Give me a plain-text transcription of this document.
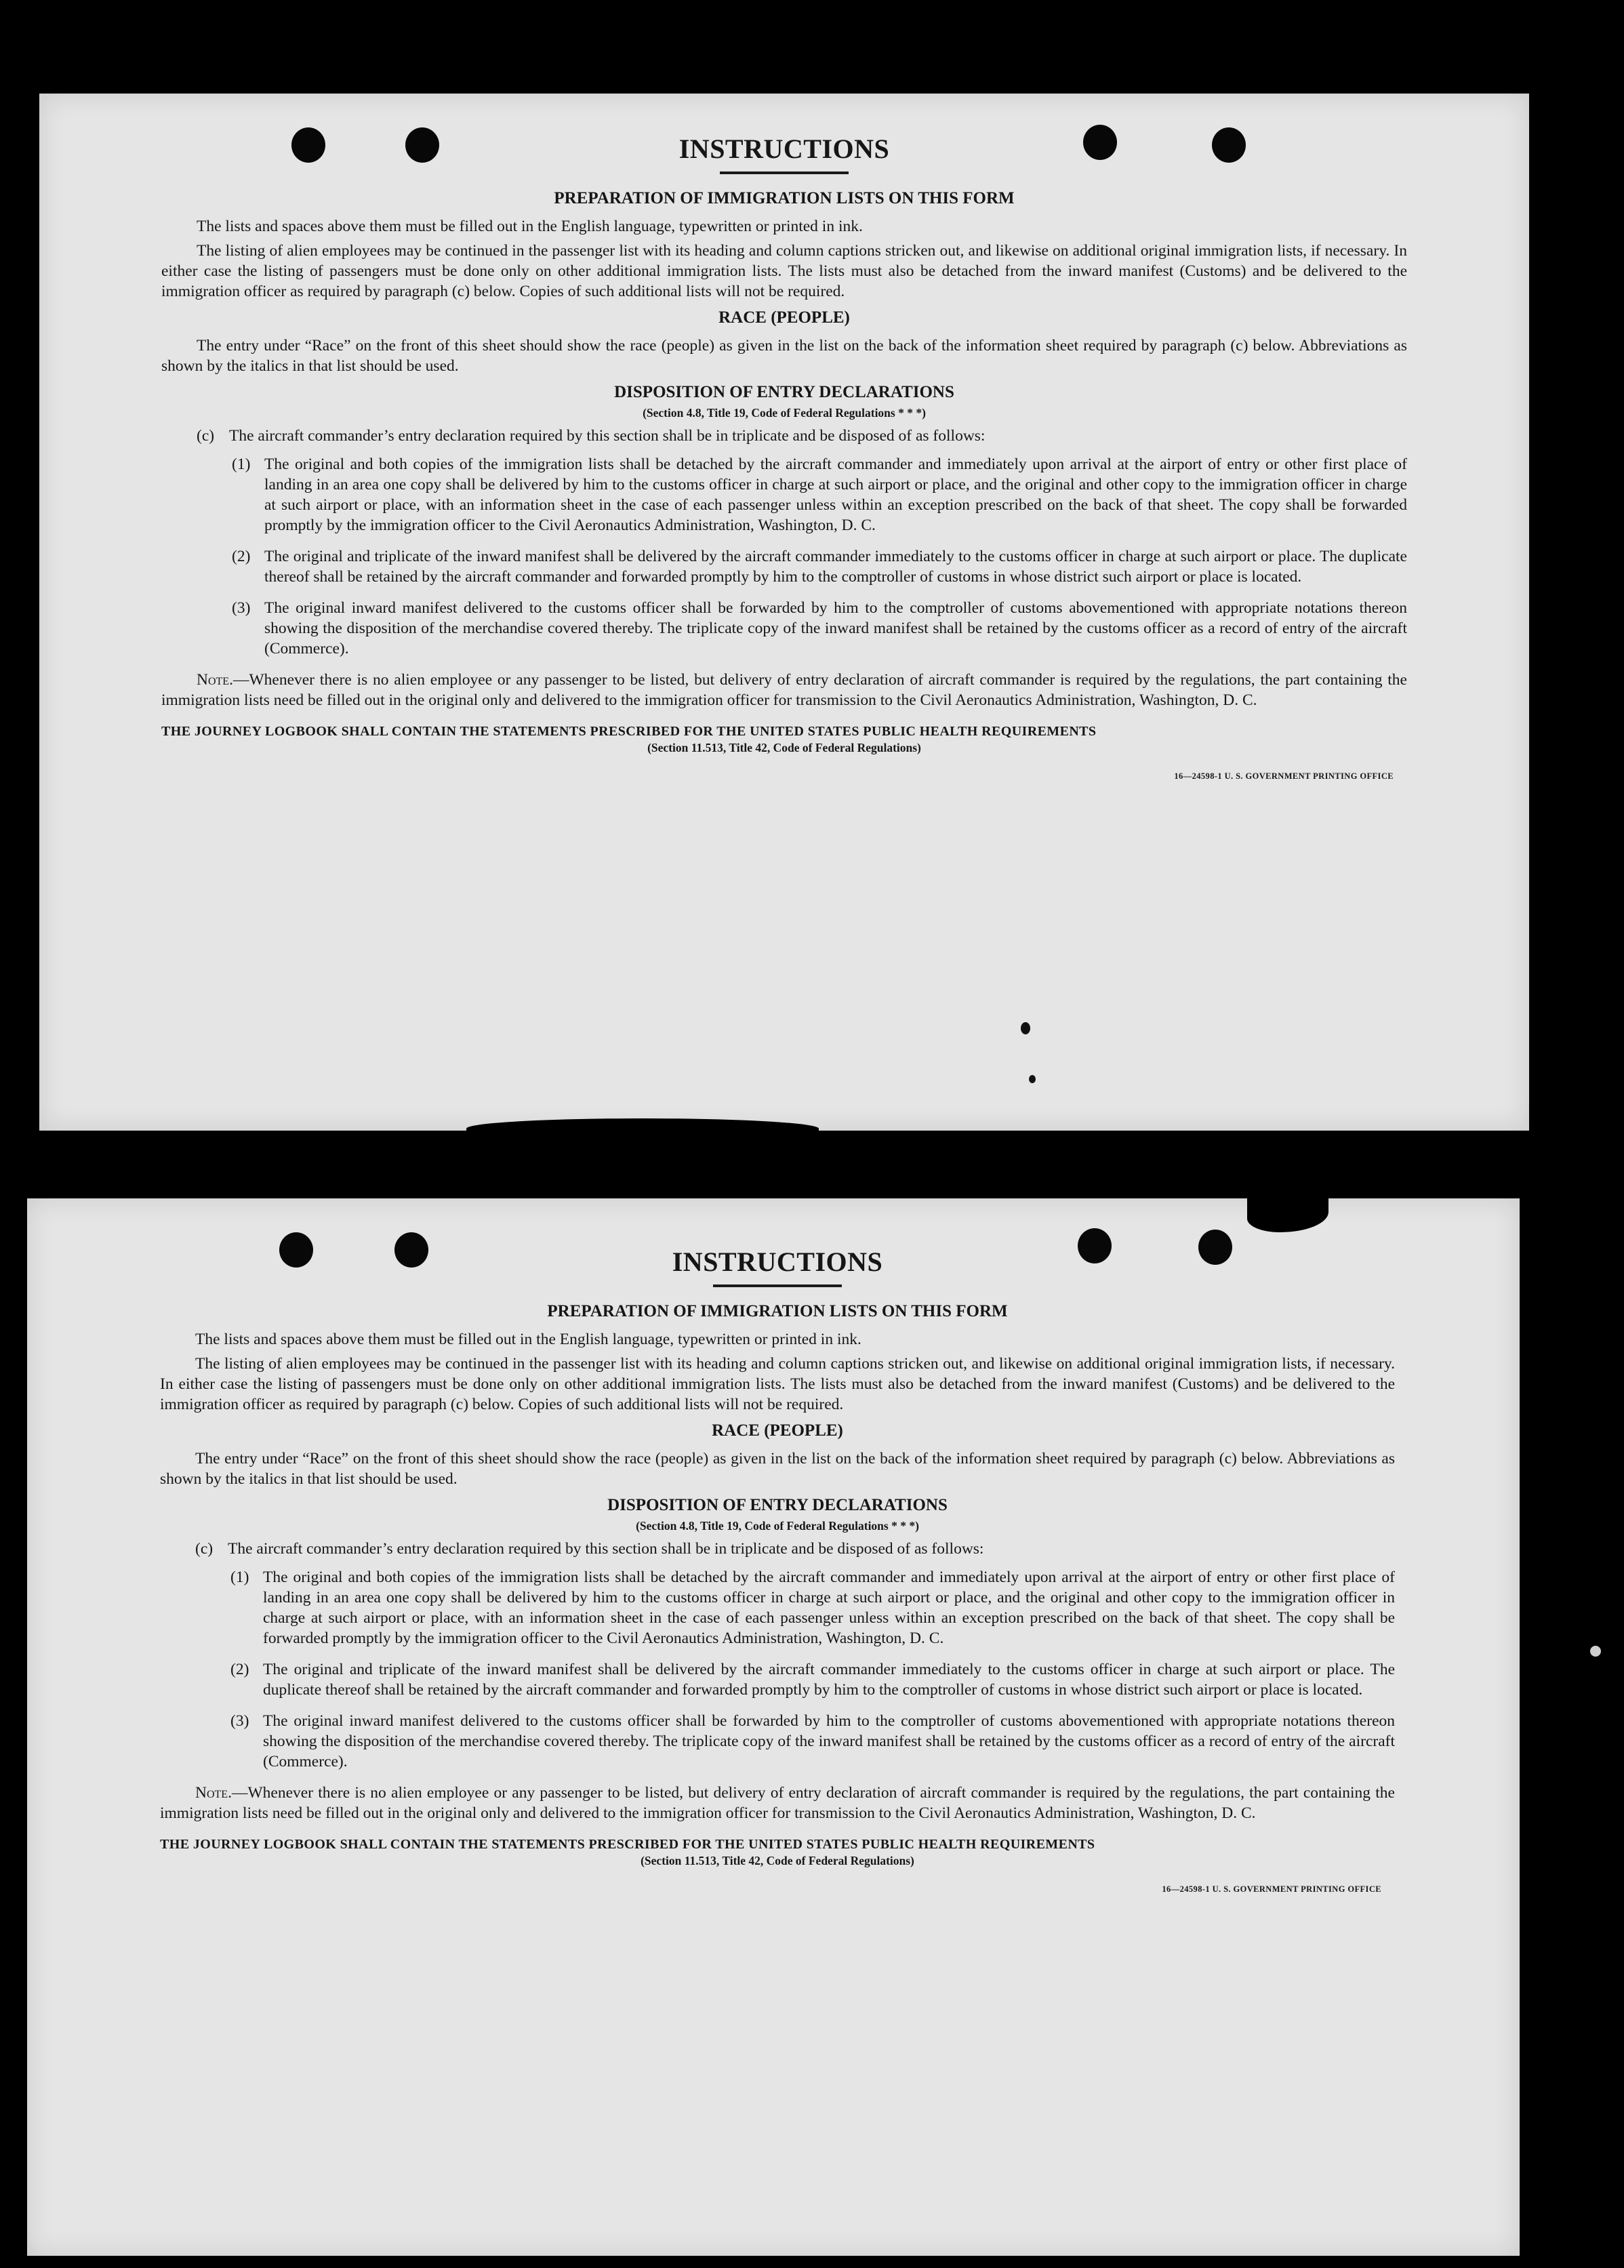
INSTRUCTIONS
PREPARATION OF IMMIGRATION LISTS ON THIS FORM

The lists and spaces above them must be filled out in the English language, typewritten or printed in ink.

The listing of alien employees may be continued in the passenger list with its heading and column captions stricken out, and likewise on additional original immigration lists, if necessary. In either case the listing of passengers must be done only on other additional immigration lists. The lists must also be detached from the inward manifest (Customs) and be delivered to the immigration officer as required by paragraph (c) below. Copies of such additional lists will not be required.

RACE (PEOPLE)

The entry under “Race” on the front of this sheet should show the race (people) as given in the list on the back of the information sheet required by paragraph (c) below. Abbreviations as shown by the italics in that list should be used.

DISPOSITION OF ENTRY DECLARATIONS
(Section 4.8, Title 19, Code of Federal Regulations * * *)
(c) The aircraft commander’s entry declaration required by this section shall be in triplicate and be disposed of as follows:
(1) The original and both copies of the immigration lists shall be detached by the aircraft commander and immediately upon arrival at the airport of entry or other first place of landing in an area one copy shall be delivered by him to the customs officer in charge at such airport or place, and the original and other copy to the immigration officer in charge at such airport or place, with an information sheet in the case of each passenger unless within an exception prescribed on the back of that sheet. The copy shall be forwarded promptly by the immigration officer to the Civil Aeronautics Administration, Washington, D. C.
(2) The original and triplicate of the inward manifest shall be delivered by the aircraft commander immediately to the customs officer in charge at such airport or place. The duplicate thereof shall be retained by the aircraft commander and forwarded promptly by him to the comptroller of customs in whose district such airport or place is located.
(3) The original inward manifest delivered to the customs officer shall be forwarded by him to the comptroller of customs abovementioned with appropriate notations thereon showing the disposition of the merchandise covered thereby. The triplicate copy of the inward manifest shall be retained by the customs officer as a record of entry of the aircraft (Commerce).

Note.—Whenever there is no alien employee or any passenger to be listed, but delivery of entry declaration of aircraft commander is required by the regulations, the part containing the immigration lists need be filled out in the original only and delivered to the immigration officer for transmission to the Civil Aeronautics Administration, Washington, D. C.

THE JOURNEY LOGBOOK SHALL CONTAIN THE STATEMENTS PRESCRIBED FOR THE UNITED STATES PUBLIC HEALTH REQUIREMENTS
(Section 11.513, Title 42, Code of Federal Regulations)
16—24598-1 U. S. GOVERNMENT PRINTING OFFICE
INSTRUCTIONS
PREPARATION OF IMMIGRATION LISTS ON THIS FORM

The lists and spaces above them must be filled out in the English language, typewritten or printed in ink.

The listing of alien employees may be continued in the passenger list with its heading and column captions stricken out, and likewise on additional original immigration lists, if necessary. In either case the listing of passengers must be done only on other additional immigration lists. The lists must also be detached from the inward manifest (Customs) and be delivered to the immigration officer as required by paragraph (c) below. Copies of such additional lists will not be required.

RACE (PEOPLE)

The entry under “Race” on the front of this sheet should show the race (people) as given in the list on the back of the information sheet required by paragraph (c) below. Abbreviations as shown by the italics in that list should be used.

DISPOSITION OF ENTRY DECLARATIONS
(Section 4.8, Title 19, Code of Federal Regulations * * *)
(c) The aircraft commander’s entry declaration required by this section shall be in triplicate and be disposed of as follows:
(1) The original and both copies of the immigration lists shall be detached by the aircraft commander and immediately upon arrival at the airport of entry or other first place of landing in an area one copy shall be delivered by him to the customs officer in charge at such airport or place, and the original and other copy to the immigration officer in charge at such airport or place, with an information sheet in the case of each passenger unless within an exception prescribed on the back of that sheet. The copy shall be forwarded promptly by the immigration officer to the Civil Aeronautics Administration, Washington, D. C.
(2) The original and triplicate of the inward manifest shall be delivered by the aircraft commander immediately to the customs officer in charge at such airport or place. The duplicate thereof shall be retained by the aircraft commander and forwarded promptly by him to the comptroller of customs in whose district such airport or place is located.
(3) The original inward manifest delivered to the customs officer shall be forwarded by him to the comptroller of customs abovementioned with appropriate notations thereon showing the disposition of the merchandise covered thereby. The triplicate copy of the inward manifest shall be retained by the customs officer as a record of entry of the aircraft (Commerce).

Note.—Whenever there is no alien employee or any passenger to be listed, but delivery of entry declaration of aircraft commander is required by the regulations, the part containing the immigration lists need be filled out in the original only and delivered to the immigration officer for transmission to the Civil Aeronautics Administration, Washington, D. C.

THE JOURNEY LOGBOOK SHALL CONTAIN THE STATEMENTS PRESCRIBED FOR THE UNITED STATES PUBLIC HEALTH REQUIREMENTS
(Section 11.513, Title 42, Code of Federal Regulations)
16—24598-1 U. S. GOVERNMENT PRINTING OFFICE
